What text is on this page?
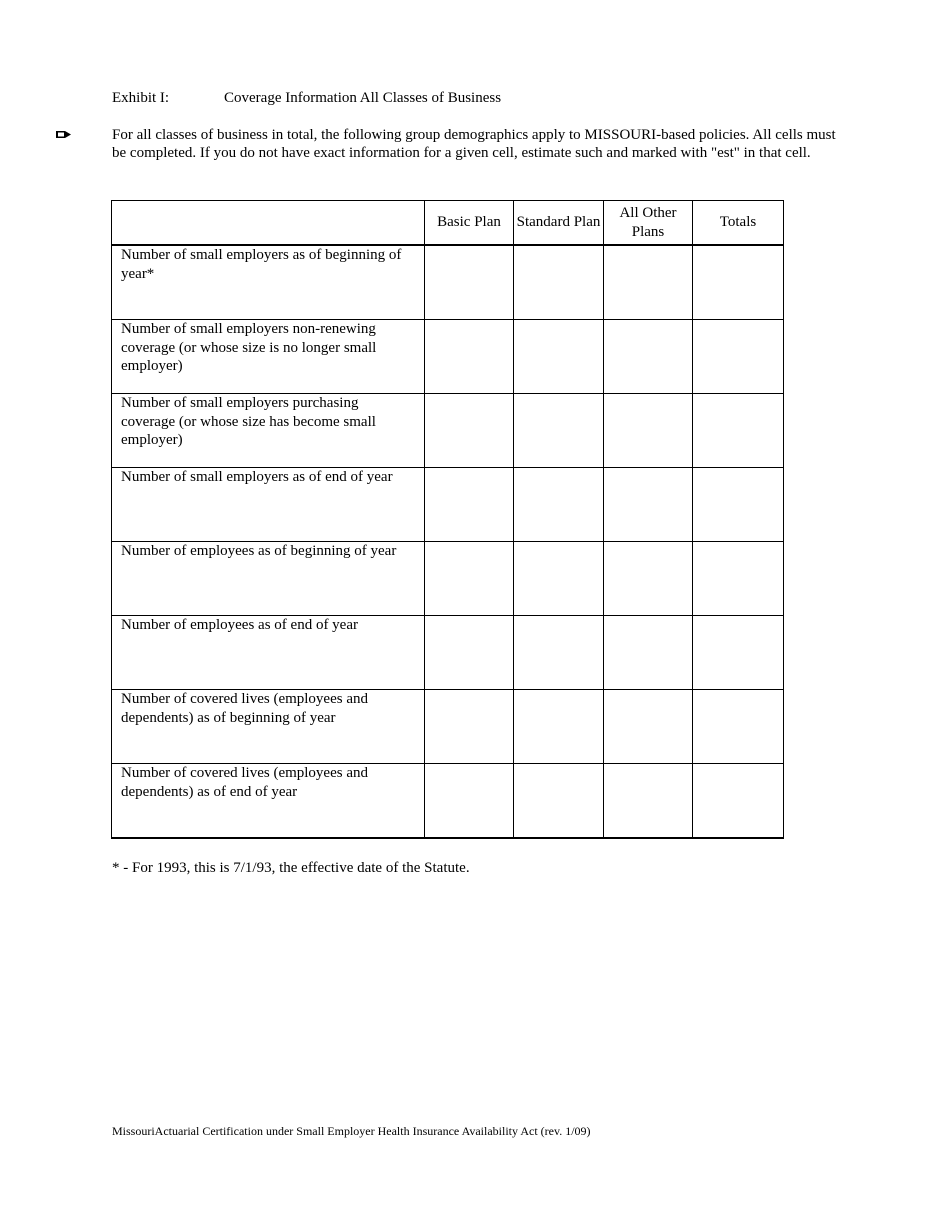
Exhibit I:	Coverage Information All Classes of Business
For all classes of business in total, the following group demographics apply to MISSOURI-based policies. All cells must be completed. If you do not have exact information for a given cell, estimate such and marked with "est" in that cell.
	Basic Plan	Standard Plan	All Other Plans	Totals
Number of small employers as of beginning of year*				
Number of small employers non-renewing coverage (or whose size is no longer small employer)				
Number of small employers purchasing coverage (or whose size has become small employer)				
Number of small employers as of end of year				
Number of employees as of beginning of year				
Number of employees as of end of year				
Number of covered lives (employees and dependents) as of beginning of year				
Number of covered lives (employees and dependents) as of end of year				
* - For 1993, this is 7/1/93, the effective date of the Statute.
MissouriActuarial Certification under Small Employer Health Insurance Availability Act (rev. 1/09)
